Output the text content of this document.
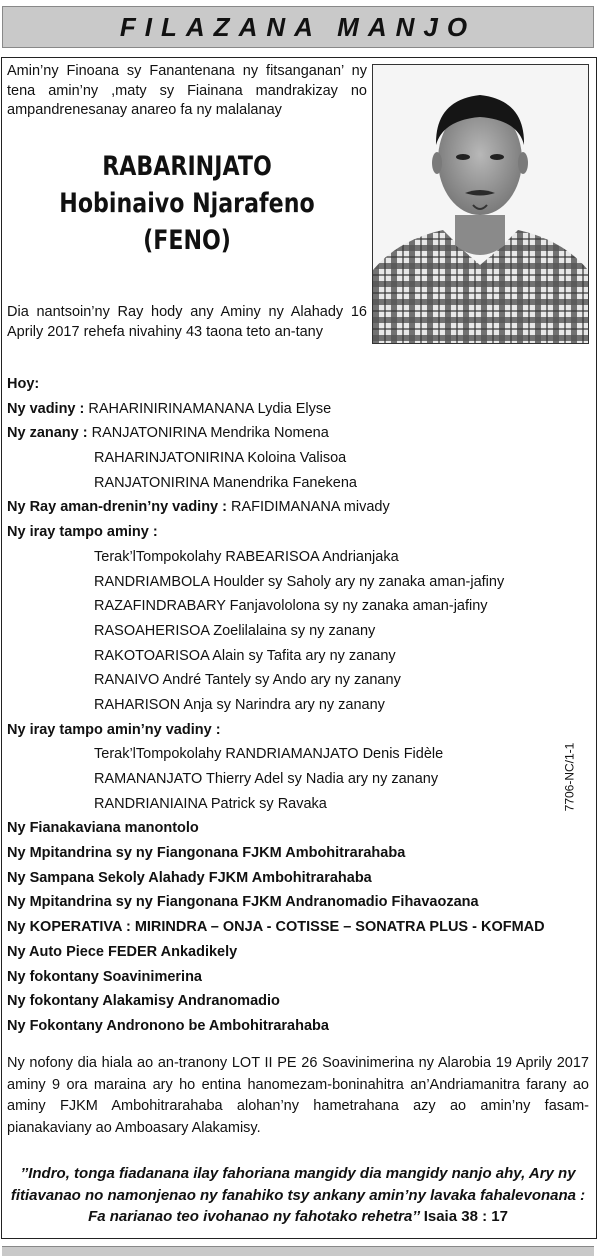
FILAZANA MANJO
Amin’ny Finoana sy Fanantenana ny fitsanganan’ ny tena amin’ny ,maty sy Fiainana mandrakizay no ampandrenesanay anareo fa ny malalanay
RABARINJATO
Hobinaivo Njarafeno
(FENO)
Dia nantsoin’ny Ray hody any Aminy ny Alahady 16 Aprily 2017 rehefa nivahiny 43 taona teto an-tany
Hoy:
Ny vadiny : RAHARINIRINAMANANA Lydia Elyse
Ny zanany : RANJATONIRINA Mendrika Nomena
RAHARINJATONIRINA Koloina Valisoa
RANJATONIRINA Manendrika Fanekena
Ny Ray aman-drenin’ny vadiny : RAFIDIMANANA mivady
Ny iray tampo aminy :
Terak’lTompokolahy RABEARISOA Andrianjaka
RANDRIAMBOLA Houlder sy Saholy ary ny zanaka aman-jafiny
RAZAFINDRABARY Fanjavololona sy ny zanaka aman-jafiny
RASOAHERISOA Zoelilalaina sy ny zanany
RAKOTOARISOA Alain sy Tafita ary ny zanany
RANAIVO André Tantely sy Ando ary ny zanany
RAHARISON Anja sy Narindra ary ny zanany
Ny iray tampo amin’ny vadiny :
Terak’lTompokolahy RANDRIAMANJATO Denis Fidèle
RAMANANJATO Thierry Adel sy Nadia ary ny zanany
RANDRIANIAINA Patrick sy Ravaka
Ny Fianakaviana manontolo
Ny Mpitandrina sy ny Fiangonana FJKM Ambohitrarahaba
Ny Sampana Sekoly Alahady FJKM Ambohitrarahaba
Ny Mpitandrina sy ny Fiangonana FJKM Andranomadio Fihavaozana
Ny KOPERATIVA : MIRINDRA – ONJA - COTISSE – SONATRA PLUS - KOFMAD
Ny Auto Piece FEDER Ankadikely
Ny fokontany Soavinimerina
Ny fokontany Alakamisy Andranomadio
Ny Fokontany Andronono be Ambohitrarahaba
7706-NC/1-1
Ny nofony dia hiala ao an-tranony LOT II PE 26 Soavinimerina ny Alarobia 19 Aprily 2017 aminy 9 ora maraina ary ho entina hanomezam-boninahitra an’Andriamanitra farany ao aminy FJKM Ambohitrarahaba alohan’ny hametrahana azy ao amin’ny fasam-pianakaviany ao Amboasary Alakamisy.
’’Indro, tonga fiadanana ilay fahoriana mangidy dia mangidy nanjo ahy, Ary ny fitiavanao no namonjenao ny fanahiko tsy ankany amin’ny lavaka fahalevonana : Fa narianao teo ivohanao ny fahotako rehetra’’ Isaia 38 : 17
